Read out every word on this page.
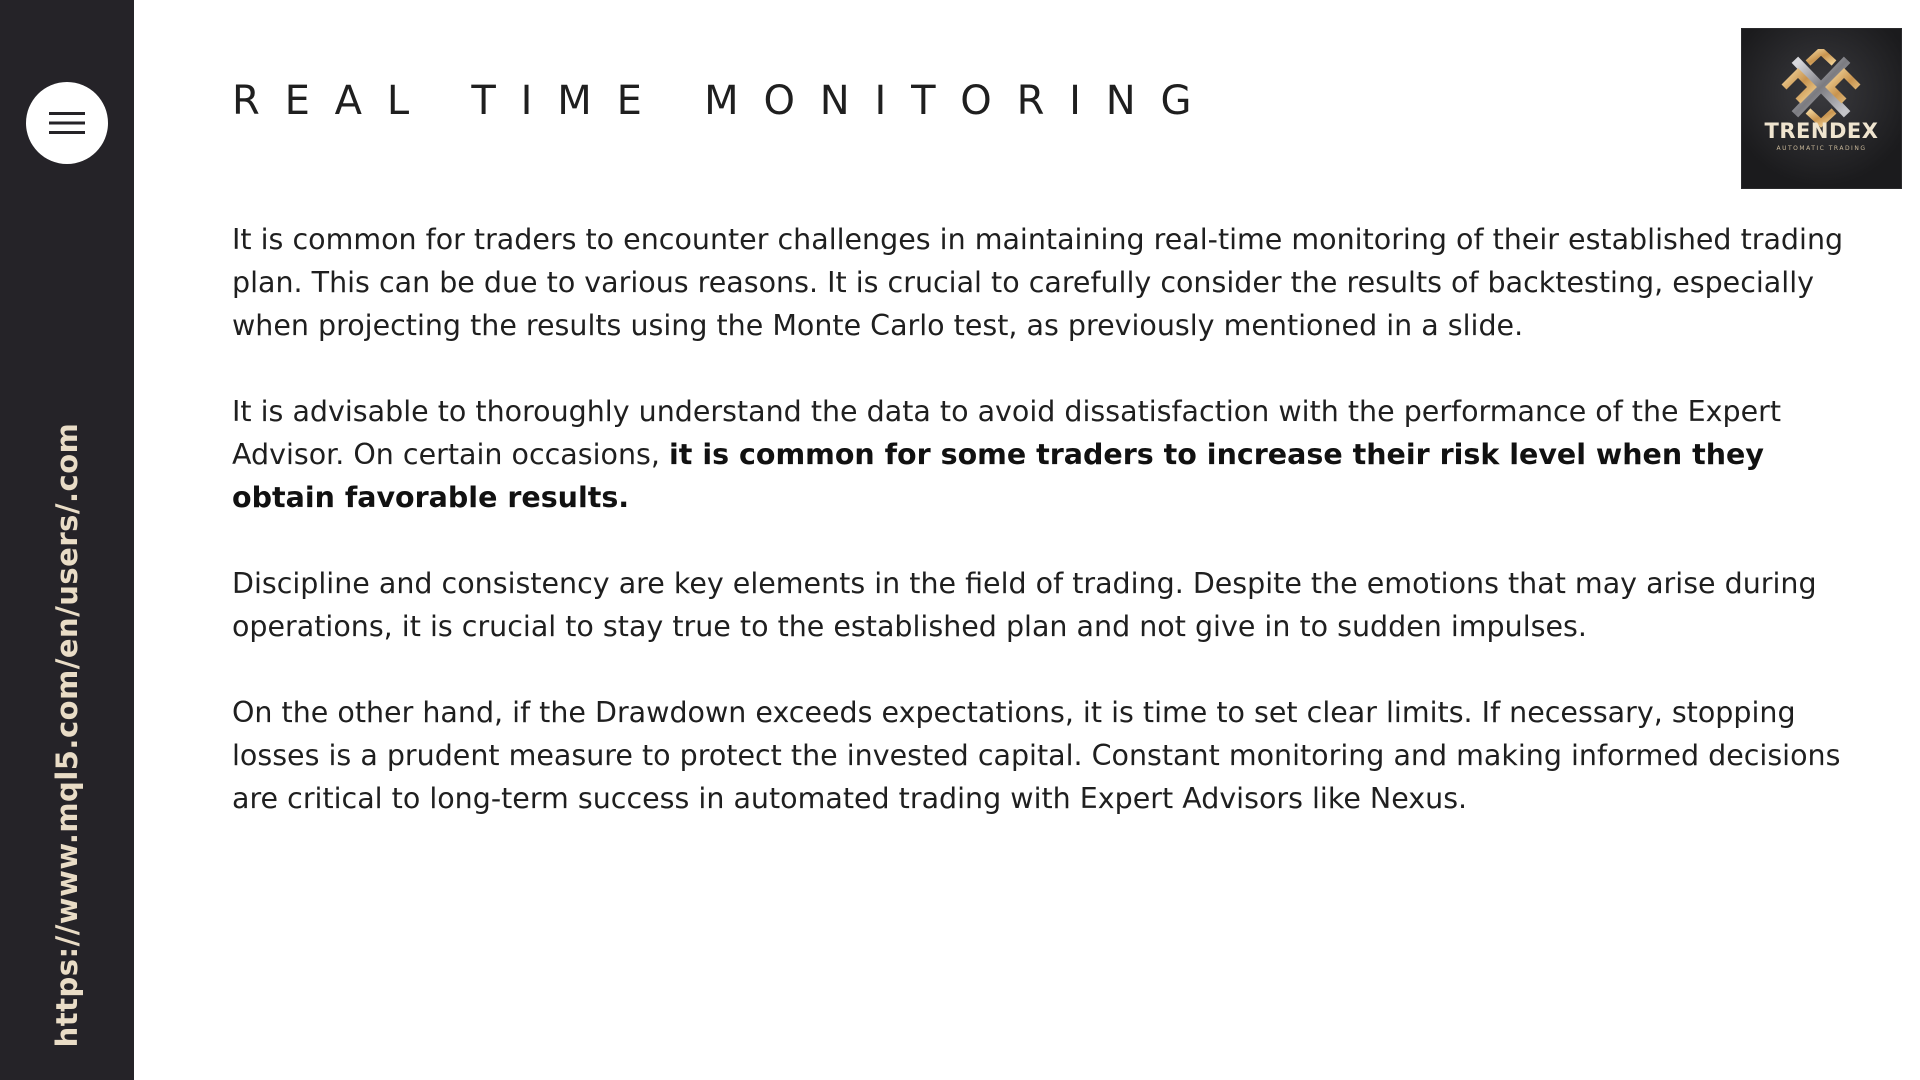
https://www.mql5.com/en/users/.com
REAL TIME MONITORING
TRENDEX
AUTOMATIC TRADING

It is common for traders to encounter challenges in maintaining real-time monitoring of their established trading plan. This can be due to various reasons. It is crucial to carefully consider the results of backtesting, especially when projecting the results using the Monte Carlo test, as previously mentioned in a slide.

It is advisable to thoroughly understand the data to avoid dissatisfaction with the performance of the Expert Advisor. On certain occasions, it is common for some traders to increase their risk level when they obtain favorable results.

Discipline and consistency are key elements in the field of trading. Despite the emotions that may arise during operations, it is crucial to stay true to the established plan and not give in to sudden impulses.

On the other hand, if the Drawdown exceeds expectations, it is time to set clear limits. If necessary, stopping losses is a prudent measure to protect the invested capital. Constant monitoring and making informed decisions are critical to long-term success in automated trading with Expert Advisors like Nexus.
